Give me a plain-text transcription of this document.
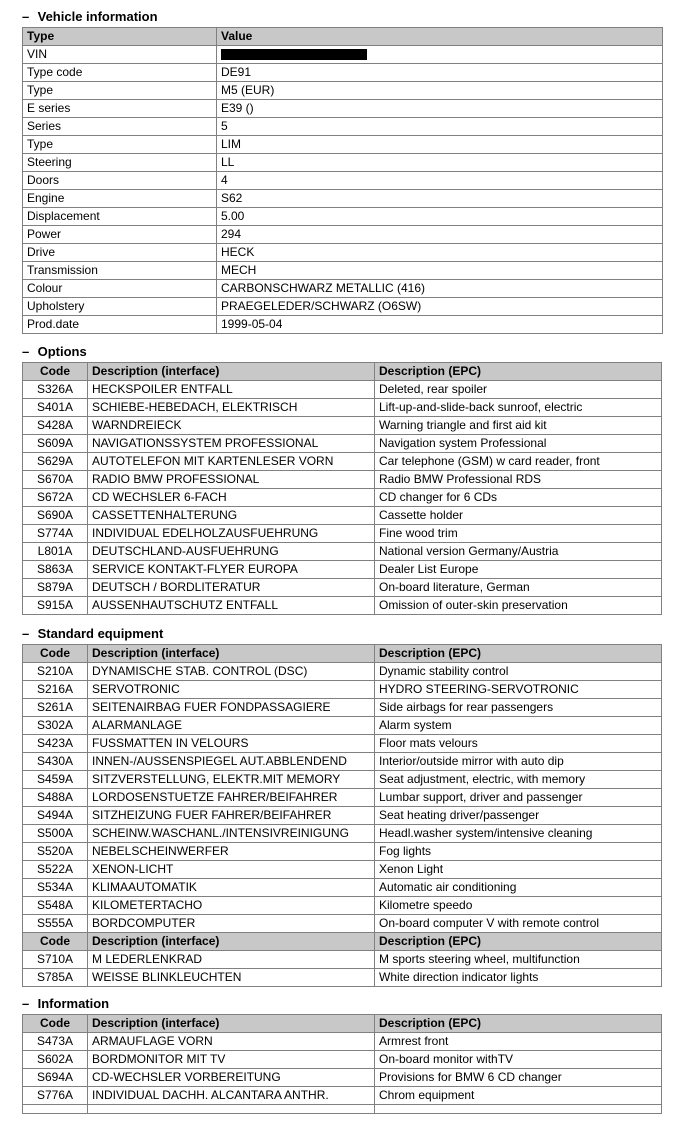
– Vehicle information
Type	Value
VIN	
Type code	DE91
Type	M5 (EUR)
E series	E39 ()
Series	5
Type	LIM
Steering	LL
Doors	4
Engine	S62
Displacement	5.00
Power	294
Drive	HECK
Transmission	MECH
Colour	CARBONSCHWARZ METALLIC (416)
Upholstery	PRAEGELEDER/SCHWARZ (O6SW)
Prod.date	1999-05-04
– Options
Code	Description (interface)	Description (EPC)
S326A	HECKSPOILER ENTFALL	Deleted, rear spoiler
S401A	SCHIEBE-HEBEDACH, ELEKTRISCH	Lift-up-and-slide-back sunroof, electric
S428A	WARNDREIECK	Warning triangle and first aid kit
S609A	NAVIGATIONSSYSTEM PROFESSIONAL	Navigation system Professional
S629A	AUTOTELEFON MIT KARTENLESER VORN	Car telephone (GSM) w card reader, front
S670A	RADIO BMW PROFESSIONAL	Radio BMW Professional RDS
S672A	CD WECHSLER 6-FACH	CD changer for 6 CDs
S690A	CASSETTENHALTERUNG	Cassette holder
S774A	INDIVIDUAL EDELHOLZAUSFUEHRUNG	Fine wood trim
L801A	DEUTSCHLAND-AUSFUEHRUNG	National version Germany/Austria
S863A	SERVICE KONTAKT-FLYER EUROPA	Dealer List Europe
S879A	DEUTSCH / BORDLITERATUR	On-board literature, German
S915A	AUSSENHAUTSCHUTZ ENTFALL	Omission of outer-skin preservation
– Standard equipment
Code	Description (interface)	Description (EPC)
S210A	DYNAMISCHE STAB. CONTROL (DSC)	Dynamic stability control
S216A	SERVOTRONIC	HYDRO STEERING-SERVOTRONIC
S261A	SEITENAIRBAG FUER FONDPASSAGIERE	Side airbags for rear passengers
S302A	ALARMANLAGE	Alarm system
S423A	FUSSMATTEN IN VELOURS	Floor mats velours
S430A	INNEN-/AUSSENSPIEGEL AUT.ABBLENDEND	Interior/outside mirror with auto dip
S459A	SITZVERSTELLUNG, ELEKTR.MIT MEMORY	Seat adjustment, electric, with memory
S488A	LORDOSENSTUETZE FAHRER/BEIFAHRER	Lumbar support, driver and passenger
S494A	SITZHEIZUNG FUER FAHRER/BEIFAHRER	Seat heating driver/passenger
S500A	SCHEINW.WASCHANL./INTENSIVREINIGUNG	Headl.washer system/intensive cleaning
S520A	NEBELSCHEINWERFER	Fog lights
S522A	XENON-LICHT	Xenon Light
S534A	KLIMAAUTOMATIK	Automatic air conditioning
S548A	KILOMETERTACHO	Kilometre speedo
S555A	BORDCOMPUTER	On-board computer V with remote control
Code	Description (interface)	Description (EPC)
S710A	M LEDERLENKRAD	M sports steering wheel, multifunction
S785A	WEISSE BLINKLEUCHTEN	White direction indicator lights
– Information
Code	Description (interface)	Description (EPC)
S473A	ARMAUFLAGE VORN	Armrest front
S602A	BORDMONITOR MIT TV	On-board monitor withTV
S694A	CD-WECHSLER VORBEREITUNG	Provisions for BMW 6 CD changer
S776A	INDIVIDUAL DACHH. ALCANTARA ANTHR.	Chrom equipment
